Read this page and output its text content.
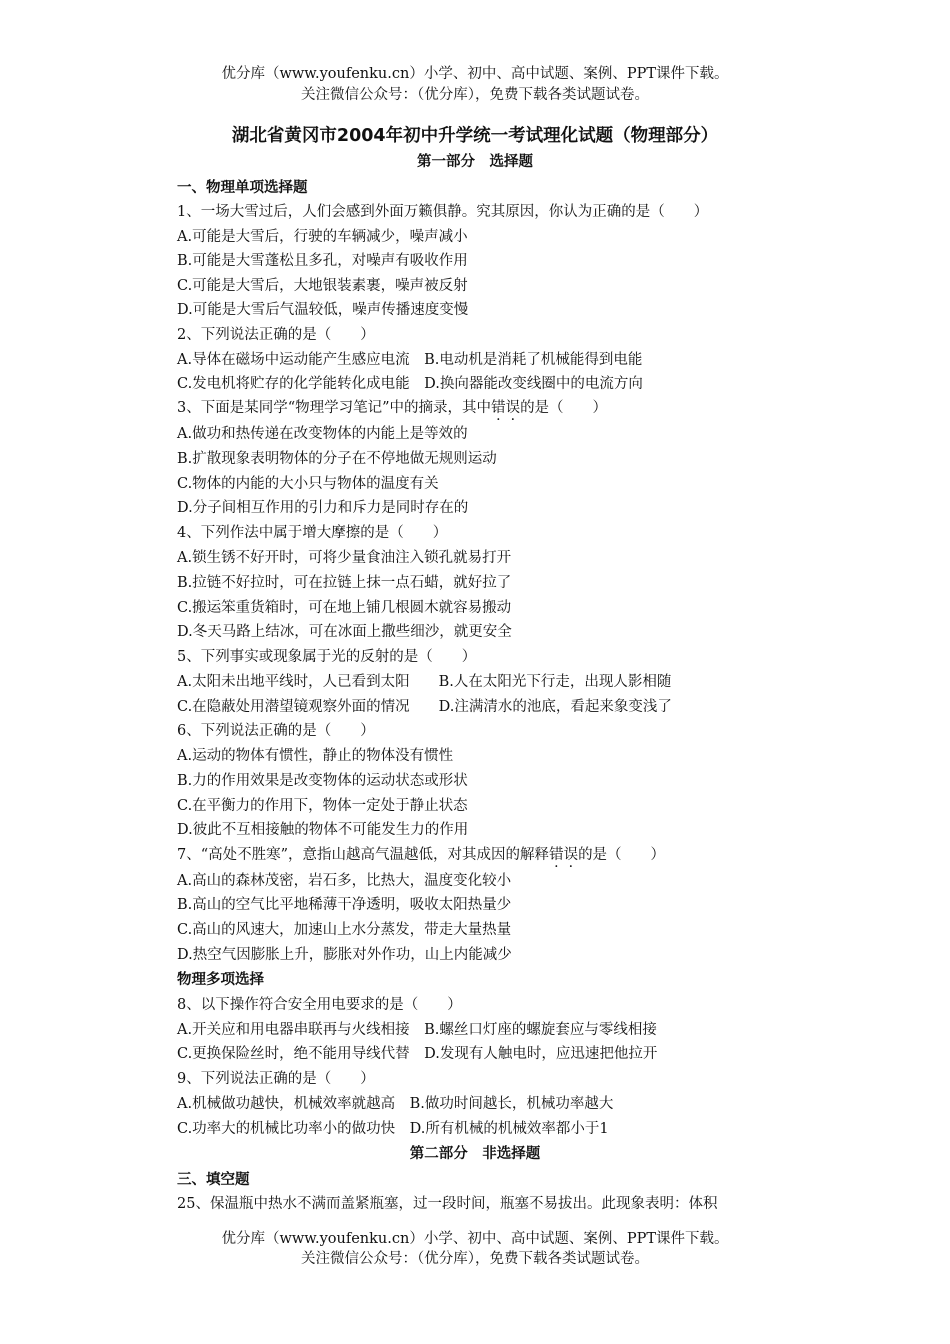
优分库（www.youfenku.cn）小学、初中、高中试题、案例、PPT课件下载。
关注微信公众号：（优分库），免费下载各类试题试卷。
湖北省黄冈市2004年初中升学统一考试理化试题（物理部分）
第一部分　选择题
一、物理单项选择题
1、一场大雪过后，人们会感到外面万籁俱静。究其原因，你认为正确的是（　　）
A.可能是大雪后，行驶的车辆减少，噪声减小
B.可能是大雪蓬松且多孔，对噪声有吸收作用
C.可能是大雪后，大地银装素裹，噪声被反射
D.可能是大雪后气温较低，噪声传播速度变慢
2、下列说法正确的是（　　）
A.导体在磁场中运动能产生感应电流　B.电动机是消耗了机械能得到电能
C.发电机将贮存的化学能转化成电能　D.换向器能改变线圈中的电流方向
3、下面是某同学“物理学习笔记”中的摘录，其中错误的是（　　）
A.做功和热传递在改变物体的内能上是等效的
B.扩散现象表明物体的分子在不停地做无规则运动
C.物体的内能的大小只与物体的温度有关
D.分子间相互作用的引力和斥力是同时存在的
4、下列作法中属于增大摩擦的是（　　）
A.锁生锈不好开时，可将少量食油注入锁孔就易打开
B.拉链不好拉时，可在拉链上抹一点石蜡，就好拉了
C.搬运笨重货箱时，可在地上铺几根圆木就容易搬动
D.冬天马路上结冰，可在冰面上撒些细沙，就更安全
5、下列事实或现象属于光的反射的是（　　）
A.太阳未出地平线时，人已看到太阳　　B.人在太阳光下行走，出现人影相随
C.在隐蔽处用潜望镜观察外面的情况　　D.注满清水的池底，看起来象变浅了
6、下列说法正确的是（　　）
A.运动的物体有惯性，静止的物体没有惯性
B.力的作用效果是改变物体的运动状态或形状
C.在平衡力的作用下，物体一定处于静止状态
D.彼此不互相接触的物体不可能发生力的作用
7、“高处不胜寒”，意指山越高气温越低，对其成因的解释错误的是（　　）
A.高山的森林茂密，岩石多，比热大，温度变化较小
B.高山的空气比平地稀薄干净透明，吸收太阳热量少
C.高山的风速大，加速山上水分蒸发，带走大量热量
D.热空气因膨胀上升，膨胀对外作功，山上内能减少
物理多项选择
8、以下操作符合安全用电要求的是（　　）
A.开关应和用电器串联再与火线相接　B.螺丝口灯座的螺旋套应与零线相接
C.更换保险丝时，绝不能用导线代替　D.发现有人触电时，应迅速把他拉开
9、下列说法正确的是（　　）
A.机械做功越快，机械效率就越高　B.做功时间越长，机械功率越大
C.功率大的机械比功率小的做功快　D.所有机械的机械效率都小于1
第二部分　非选择题
三、填空题
25、保温瓶中热水不满而盖紧瓶塞，过一段时间，瓶塞不易拔出。此现象表明：体积
优分库（www.youfenku.cn）小学、初中、高中试题、案例、PPT课件下载。
关注微信公众号：（优分库），免费下载各类试题试卷。
